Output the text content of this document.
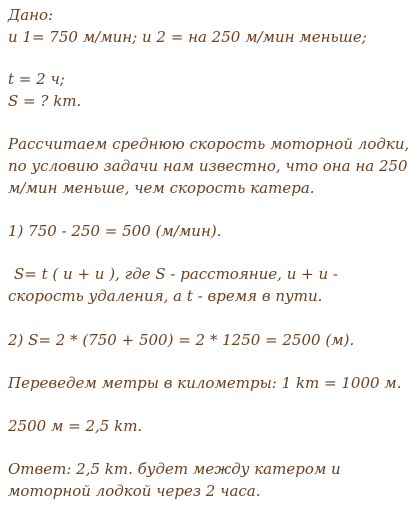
Дано:
u 1= 750 м/мин; u 2 = на 250 м/мин меньше;
t = 2 ч;
S = ? km.
Рассчитаем среднюю скорость моторной лодки,
по условию задачи нам известно, что она на 250
м/мин меньше, чем скорость катера.
1) 750 - 250 = 500 (м/мин).
S= t ( u + u ), где S - расстояние, u + u -
скорость удаления, а t - время в пути.
2) S= 2 * (750 + 500) = 2 * 1250 = 2500 (м).
Переведем метры в километры: 1 km = 1000 м.
2500 м = 2,5 km.
Ответ: 2,5 km. будет между катером и
моторной лодкой через 2 часа.
